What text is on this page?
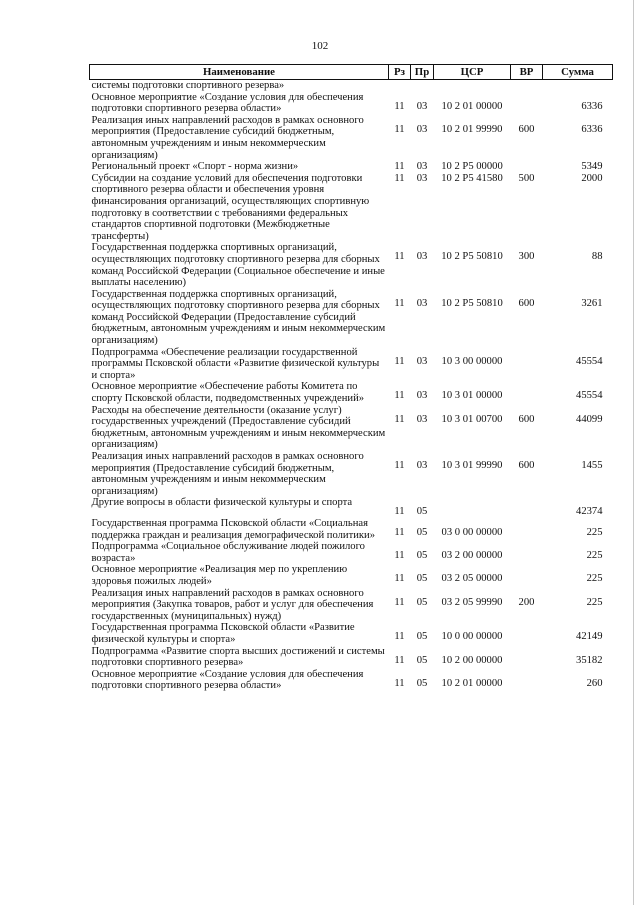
102
Наименование	Рз	Пр	ЦСР	ВР	Сумма
системы подготовки спортивного резерва»					
Основное мероприятие «Создание условия для обеспечения подготовки спортивного резерва области»	11	03	10 2 01 00000		6336
Реализация иных направлений расходов в рамках основного мероприятия (Предоставление субсидий бюджетным, автономным учреждениям и иным некоммерческим организациям)	11	03	10 2 01 99990	600	6336
Региональный проект «Спорт - норма жизни»	11	03	10 2 P5 00000		5349
Субсидии на создание условий для обеспечения подготовки спортивного резерва области и обеспечения уровня финансирования организаций, осуществляющих спортивную подготовку в соответствии с требованиями федеральных стандартов спортивной подготовки (Межбюджетные трансферты)	11	03	10 2 P5 41580	500	2000
Государственная поддержка спортивных организаций, осуществляющих подготовку спортивного резерва для сборных команд Российской Федерации (Социальное обеспечение и иные выплаты населению)	11	03	10 2 P5 50810	300	88
Государственная поддержка спортивных организаций, осуществляющих подготовку спортивного резерва для сборных команд Российской Федерации (Предоставление субсидий бюджетным, автономным учреждениям и иным некоммерческим организациям)	11	03	10 2 P5 50810	600	3261
Подпрограмма «Обеспечение реализации государственной программы Псковской области «Развитие физической культуры и спорта»	11	03	10 3 00 00000		45554
Основное мероприятие «Обеспечение работы Комитета по спорту Псковской области, подведомственных учреждений»	11	03	10 3 01 00000		45554
Расходы на обеспечение деятельности (оказание услуг) государственных учреждений (Предоставление субсидий бюджетным, автономным учреждениям и иным некоммерческим организациям)	11	03	10 3 01 00700	600	44099
Реализация иных направлений расходов в рамках основного мероприятия (Предоставление субсидий бюджетным, автономным учреждениям и иным некоммерческим организациям)	11	03	10 3 01 99990	600	1455
Другие вопросы в области физической культуры и спорта	11	05			42374
Государственная программа Псковской области «Социальная поддержка граждан и реализация демографической политики»	11	05	03 0 00 00000		225
Подпрограмма «Социальное обслуживание людей пожилого возраста»	11	05	03 2 00 00000		225
Основное мероприятие «Реализация мер по укреплению здоровья пожилых людей»	11	05	03 2 05 00000		225
Реализация иных направлений расходов в рамках основного мероприятия (Закупка товаров, работ и услуг для обеспечения государственных (муниципальных) нужд)	11	05	03 2 05 99990	200	225
Государственная программа Псковской области «Развитие физической культуры и спорта»	11	05	10 0 00 00000		42149
Подпрограмма «Развитие спорта высших достижений и системы подготовки спортивного резерва»	11	05	10 2 00 00000		35182
Основное мероприятие «Создание условия для обеспечения подготовки спортивного резерва области»	11	05	10 2 01 00000		260
